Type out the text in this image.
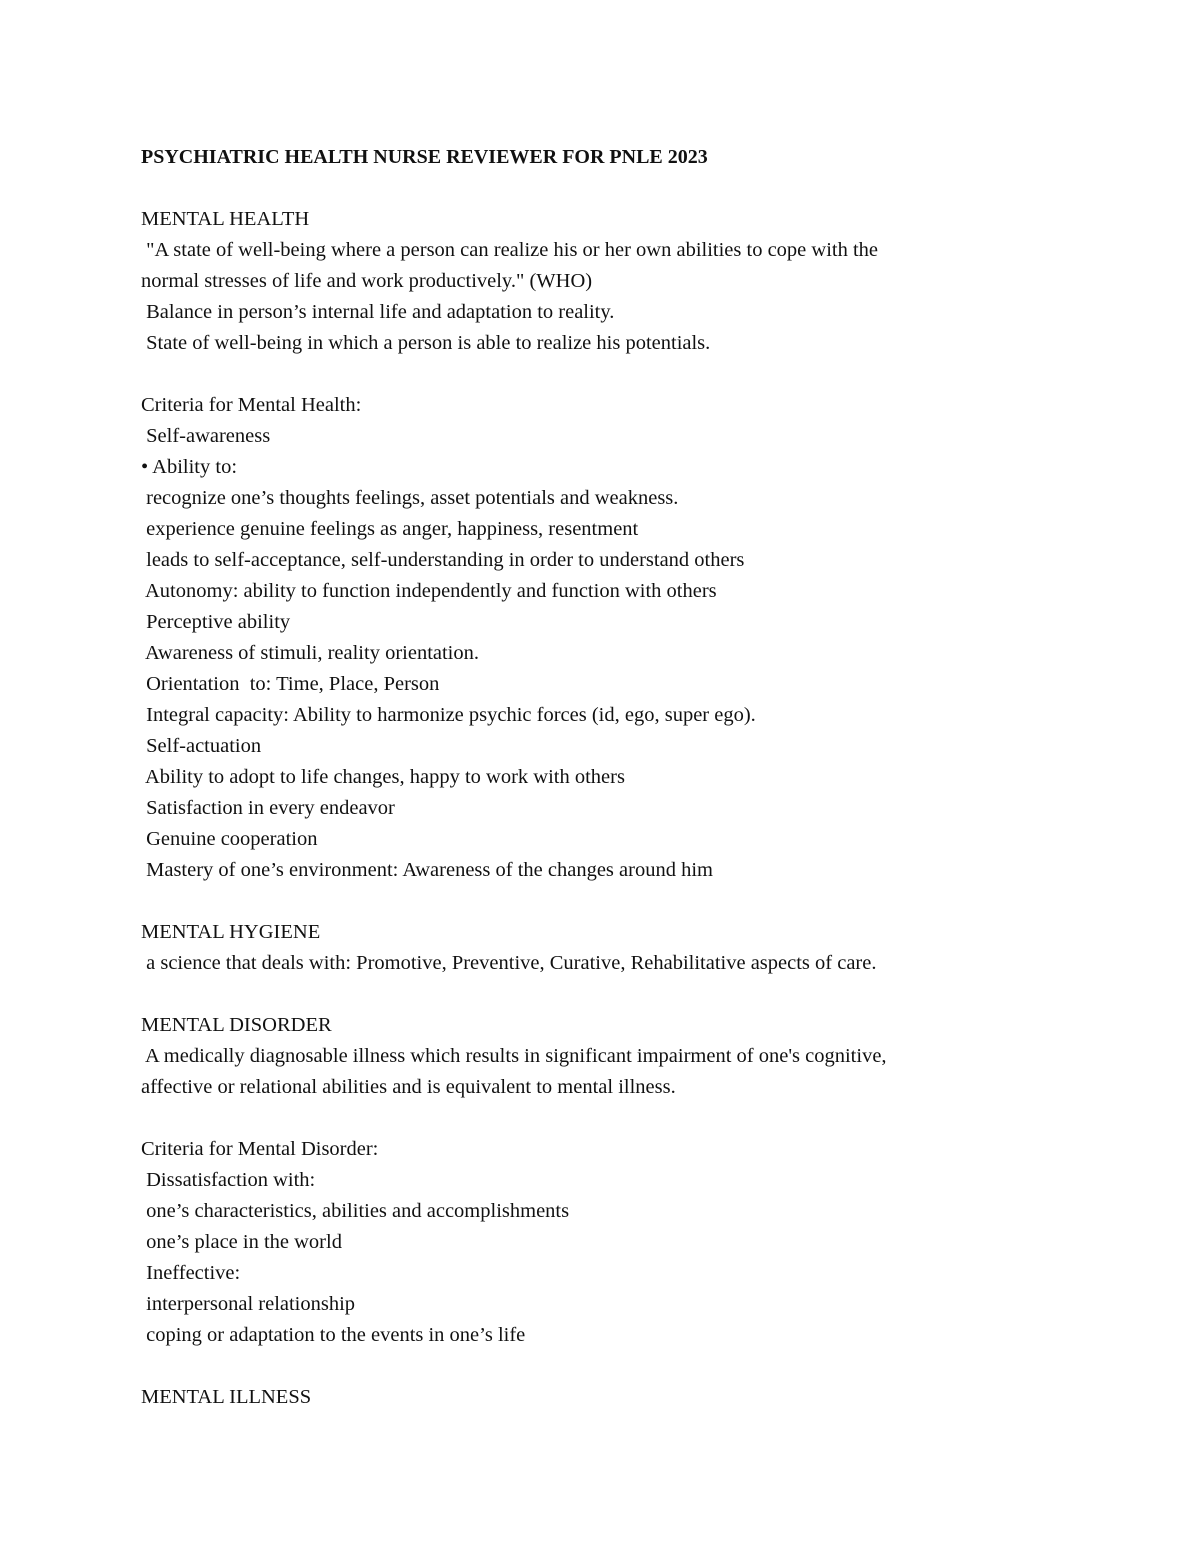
PSYCHIATRIC HEALTH NURSE REVIEWER FOR PNLE 2023

MENTAL HEALTH

"A state of well-being where a person can realize his or her own abilities to cope with the

normal stresses of life and work productively." (WHO)

Balance in person’s internal life and adaptation to reality.

State of well-being in which a person is able to realize his potentials.

Criteria for Mental Health:

Self-awareness

• Ability to:

recognize one’s thoughts feelings, asset potentials and weakness.

experience genuine feelings as anger, happiness, resentment

leads to self-acceptance, self-understanding in order to understand others

Autonomy: ability to function independently and function with others

Perceptive ability

Awareness of stimuli, reality orientation.

Orientation  to: Time, Place, Person

Integral capacity: Ability to harmonize psychic forces (id, ego, super ego).

Self-actuation

Ability to adopt to life changes, happy to work with others

Satisfaction in every endeavor

Genuine cooperation

Mastery of one’s environment: Awareness of the changes around him

MENTAL HYGIENE

a science that deals with: Promotive, Preventive, Curative, Rehabilitative aspects of care.

MENTAL DISORDER

A medically diagnosable illness which results in significant impairment of one's cognitive,

affective or relational abilities and is equivalent to mental illness.

Criteria for Mental Disorder:

Dissatisfaction with:

one’s characteristics, abilities and accomplishments

one’s place in the world

Ineffective:

interpersonal relationship

coping or adaptation to the events in one’s life

MENTAL ILLNESS
